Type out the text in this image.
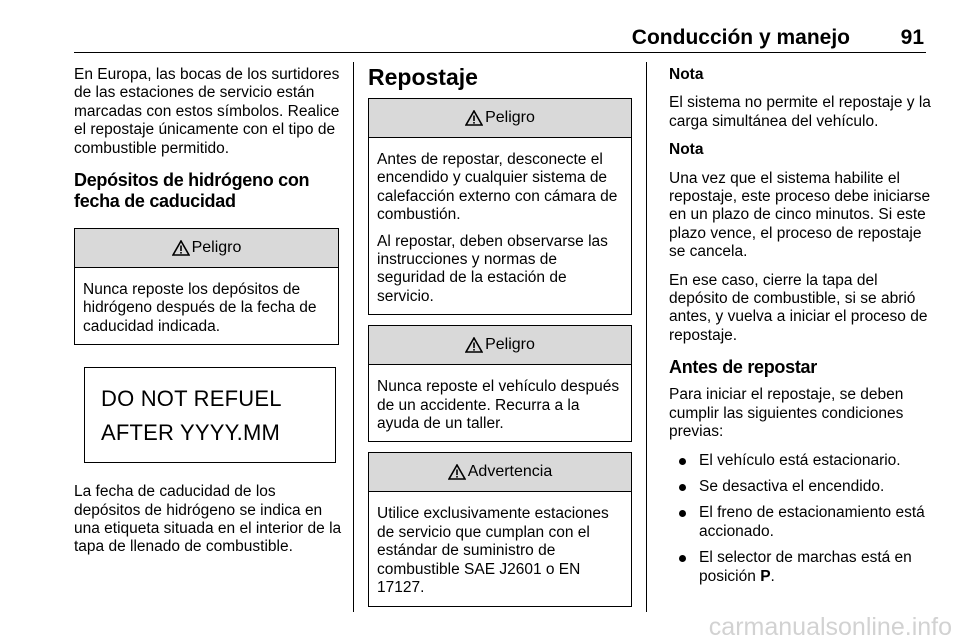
Conducción y manejo	91

En Europa, las bocas de los surtidores de las estaciones de servicio están marcadas con estos símbolos. Realice el repostaje únicamente con el tipo de combustible permitido.

Depósitos de hidrógeno con fecha de caducidad
Peligro

Nunca reposte los depósitos de hidrógeno después de la fecha de caducidad indicada.

DO NOT REFUEL
AFTER YYYY.MM

La fecha de caducidad de los depósitos de hidrógeno se indica en una etiqueta situada en el interior de la tapa de llenado de combustible.

Repostaje
Peligro

Antes de repostar, desconecte el encendido y cualquier sistema de calefacción externo con cámara de combustión.

Al repostar, deben observarse las instrucciones y normas de seguridad de la estación de servicio.

Peligro

Nunca reposte el vehículo después de un accidente. Recurra a la ayuda de un taller.

Advertencia

Utilice exclusivamente estaciones de servicio que cumplan con el estándar de suministro de combustible SAE J2601 o EN 17127.

Nota

El sistema no permite el repostaje y la carga simultánea del vehículo.

Nota

Una vez que el sistema habilite el repostaje, este proceso debe iniciarse en un plazo de cinco minutos. Si este plazo vence, el proceso de repostaje se cancela.

En ese caso, cierre la tapa del depósito de combustible, si se abrió antes, y vuelva a iniciar el proceso de repostaje.

Antes de repostar

Para iniciar el repostaje, se deben cumplir las siguientes condiciones previas:

El vehículo está estacionario.
Se desactiva el encendido.
El freno de estacionamiento está accionado.
El selector de marchas está en posición P.
carmanualsonline.info
